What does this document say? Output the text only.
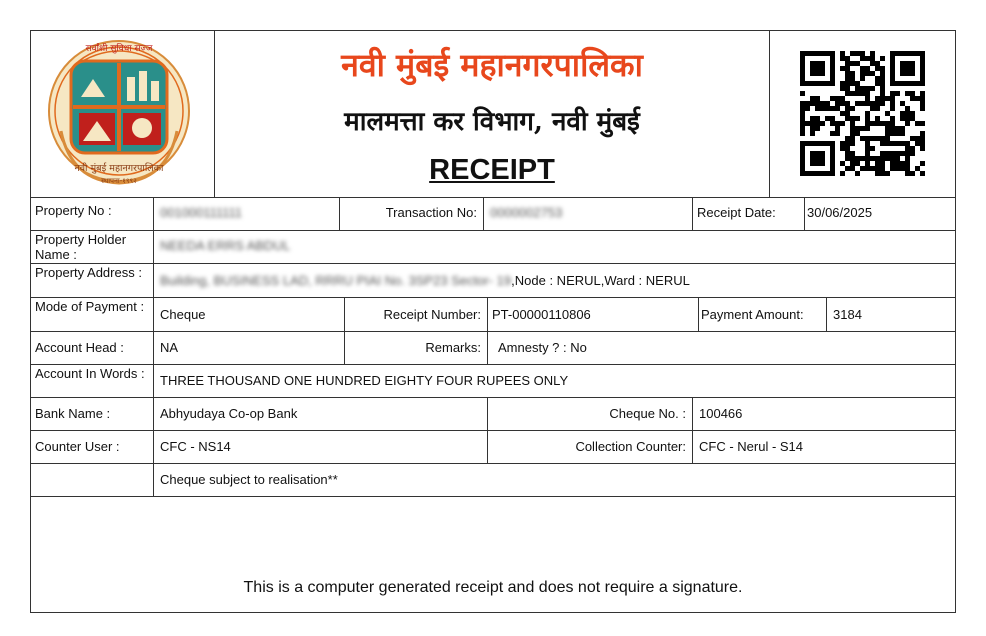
सर्वांशी सुविधा सज्ज
नवी मुंबई महानगरपालिका
स्थापना-१९९२
नवी मुंबई महानगरपालिका
मालमत्ता कर विभाग, नवी मुंबई
RECEIPT
Property No :	001000111111	Transaction No:	0000002753	Receipt Date:	30/06/2025
Property Holder Name :
NEEDA ERRS ABDUL
Property Address :
Building, BUSINESS LAD, RRRU PIAI No. 3SP23 Sector- 19,Node : NERUL,Ward : NERUL
Mode of Payment :
Cheque	Receipt Number: PT-00000110806	Payment Amount:	3184
Account Head :	NA	Remarks:	Amnesty ? : No
Account In Words :	THREE THOUSAND ONE HUNDRED EIGHTY FOUR RUPEES ONLY
Bank Name :	Abhyudaya Co-op Bank	Cheque No. :	100466
Counter User :	CFC - NS14	Collection Counter:	CFC - Nerul - S14
Cheque subject to realisation**
This is a computer generated receipt and does not require a signature.
